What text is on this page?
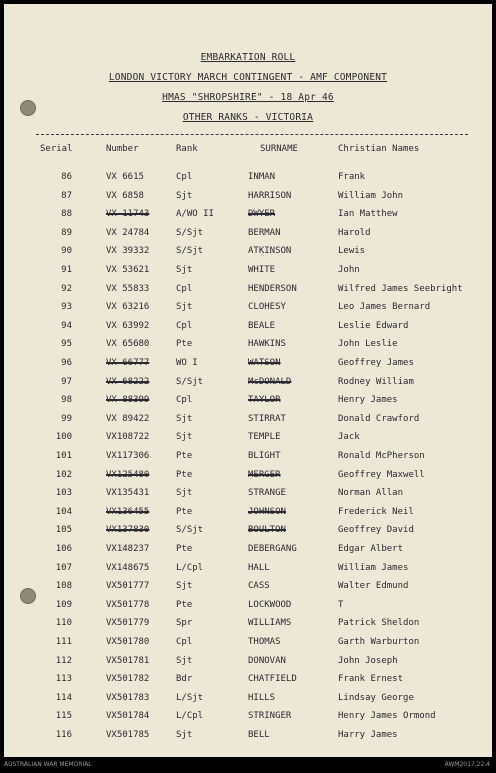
EMBARKATION ROLL
LONDON VICTORY MARCH CONTINGENT - AMF COMPONENT
HMAS "SHROPSHIRE" - 18 Apr 46
OTHER RANKS - VICTORIA
Serial	Number	Rank	SURNAME	Christian Names
86	VX 6615	Cpl	INMAN	Frank
87	VX 6858	Sjt	HARRISON	William John
88	VX 11743	A/WO II	DWYER	Ian Matthew
89	VX 24784	S/Sjt	BERMAN	Harold
90	VX 39332	S/Sjt	ATKINSON	Lewis
91	VX 53621	Sjt	WHITE	John
92	VX 55833	Cpl	HENDERSON	Wilfred James Seebright
93	VX 63216	Sjt	CLOHESY	Leo James Bernard
94	VX 63992	Cpl	BEALE	Leslie Edward
95	VX 65680	Pte	HAWKINS	John Leslie
96	VX 66777	WO I	WATSON	Geoffrey James
97	VX 68222	S/Sjt	McDONALD	Rodney William
98	VX 88399	Cpl	TAYLOR	Henry James
99	VX 89422	Sjt	STIRRAT	Donald Crawford
100	VX108722	Sjt	TEMPLE	Jack
101	VX117306	Pte	BLIGHT	Ronald McPherson
102	VX125480	Pte	MERGER	Geoffrey Maxwell
103	VX135431	Sjt	STRANGE	Norman Allan
104	VX136455	Pte	JOHNSON	Frederick Neil
105	VX137830	S/Sjt	BOULTON	Geoffrey David
106	VX148237	Pte	DEBERGANG	Edgar Albert
107	VX148675	L/Cpl	HALL	William James
108	VX501777	Sjt	CASS	Walter Edmund
109	VX501778	Pte	LOCKWOOD	T
110	VX501779	Spr	WILLIAMS	Patrick Sheldon
111	VX501780	Cpl	THOMAS	Garth Warburton
112	VX501781	Sjt	DONOVAN	John Joseph
113	VX501782	Bdr	CHATFIELD	Frank Ernest
114	VX501783	L/Sjt	HILLS	Lindsay George
115	VX501784	L/Cpl	STRINGER	Henry James Ormond
116	VX501785	Sjt	BELL	Harry James
AUSTRALIAN WAR MEMORIAL	AWM2017.22.4
